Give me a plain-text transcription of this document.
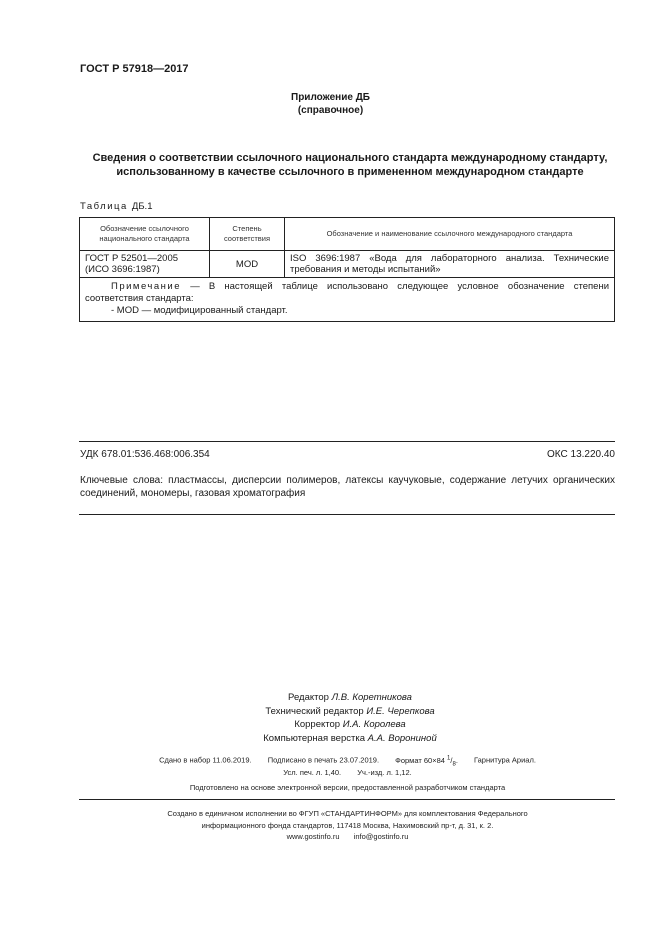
ГОСТ Р 57918—2017
Приложение ДБ
(справочное)
Сведения о соответствии ссылочного национального стандарта международному стандарту,
использованному в качестве ссылочного в примененном международном стандарте
Таблица ДБ.1
Обозначение ссылочного национального стандарта	Степень соответствия	Обозначение и наименование ссылочного международного стандарта

ГОСТ Р 52501—2005
(ИСО 3696:1987)	MOD	ISO 3696:1987 «Вода для лабораторного анализа. Технические требования и методы испытаний»

Примечание — В настоящей таблице использовано следующее условное обозначение степени соответствия стандарта:
- MOD — модифицированный стандарт.		
УДК 678.01:536.468:006.354	ОКС 13.220.40
Ключевые слова: пластмассы, дисперсии полимеров, латексы каучуковые, содержание летучих органических соединений, мономеры, газовая хроматография
Редактор Л.В. Коретникова
Технический редактор И.Е. Черепкова
Корректор И.А. Королева
Компьютерная верстка А.А. Ворониной
Сдано в набор 11.06.2019. Подписано в печать 23.07.2019. Формат 60×84 $^1/_8$. Гарнитура Ариал.
Усл. печ. л. 1,40. Уч.-изд. л. 1,12.
Подготовлено на основе электронной версии, предоставленной разработчиком стандарта
Создано в единичном исполнении во ФГУП «СТАНДАРТИНФОРМ» для комплектования Федерального
информационного фонда стандартов, 117418 Москва, Нахимовский пр-т, д. 31, к. 2.
www.gostinfo.ru info@gostinfo.ru
